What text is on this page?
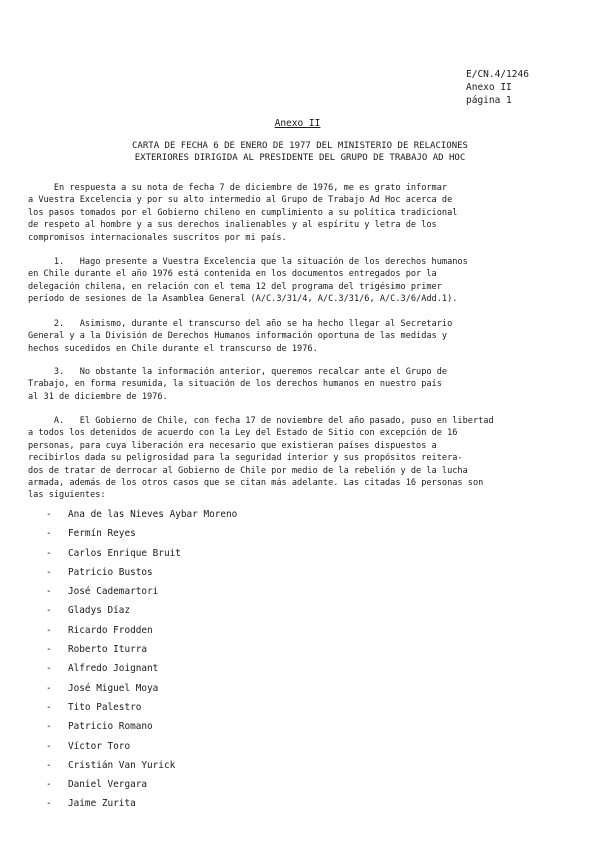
E/CN.4/1246
Anexo II
página 1
Anexo II
CARTA DE FECHA 6 DE ENERO DE 1977 DEL MINISTERIO DE RELACIONES
EXTERIORES DIRIGIDA AL PRESIDENTE DEL GRUPO DE TRABAJO AD HOC
En respuesta a su nota de fecha 7 de diciembre de 1976, me es grato informar
a Vuestra Excelencia y por su alto intermedio al Grupo de Trabajo Ad Hoc acerca de
los pasos tomados por el Gobierno chileno en cumplimiento a su política tradicional
de respeto al hombre y a sus derechos inalienables y al espíritu y letra de los
compromisos internacionales suscritos por mi país.
1.   Hago presente a Vuestra Excelencia que la situación de los derechos humanos
en Chile durante el año 1976 está contenida en los documentos entregados por la
delegación chilena, en relación con el tema 12 del programa del trigésimo primer
período de sesiones de la Asamblea General (A/C.3/31/4, A/C.3/31/6, A/C.3/6/Add.1).
2.   Asimismo, durante el transcurso del año se ha hecho llegar al Secretario
General y a la División de Derechos Humanos información oportuna de las medidas y
hechos sucedidos en Chile durante el transcurso de 1976.
3.   No obstante la información anterior, queremos recalcar ante el Grupo de
Trabajo, en forma resumida, la situación de los derechos humanos en nuestro país
al 31 de diciembre de 1976.
A.   El Gobierno de Chile, con fecha 17 de noviembre del año pasado, puso en libertad
a todos los detenidos de acuerdo con la Ley del Estado de Sitio con excepción de 16
personas, para cuya liberación era necesario que existieran países dispuestos a
recibirlos dada su peligrosidad para la seguridad interior y sus propósitos reitera-
dos de tratar de derrocar al Gobierno de Chile por medio de la rebelión y de la lucha
armada, además de los otros casos que se citan más adelante. Las citadas 16 personas son
las siguientes:
-	Ana de las Nieves Aybar Moreno
-	Fermín Reyes
-	Carlos Enrique Bruit
-	Patricio Bustos
-	José Cademartori
-	Gladys Díaz
-	Ricardo Frodden
-	Roberto Iturra
-	Alfredo Joignant
-	José Miguel Moya
-	Tito Palestro
-	Patricio Romano
-	Víctor Toro
-	Cristián Van Yurick
-	Daniel Vergara
-	Jaime Zurita
